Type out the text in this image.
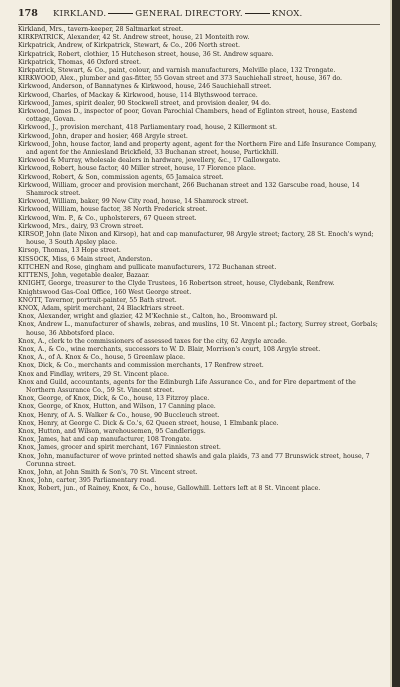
178 KIRKLAND.	GENERAL DIRECTORY.	KNOX.

Kirkland, Mrs., tavern-keeper, 28 Saltmarket street.

KIRKPATRICK, Alexander, 42 St. Andrew street, house, 21 Monteith row.

Kirkpatrick, Andrew, of Kirkpatrick, Stewart, & Co., 206 North street.

Kirkpatrick, Robert, clothier, 15 Hutcheson street, house, 36 St. Andrew square.

Kirkpatrick, Thomas, 46 Oxford street.

Kirkpatrick, Stewart, & Co., paint, colour, and varnish manufacturers, Melville place, 132 Trongate.

KIRKWOOD, Alex., plumber and gas-fitter, 55 Govan street and 373 Sauchiehall street, house, 367 do.

Kirkwood, Anderson, of Bannatynes & Kirkwood, house, 246 Sauchiehall street.

Kirkwood, Charles, of Mackay & Kirkwood, house, 114 Blythswood terrace.

Kirkwood, James, spirit dealer, 90 Stockwell street, and provision dealer, 94 do.

Kirkwood, James D., inspector of poor, Govan Parochial Chambers, head of Eglinton street, house, Eastend cottage, Govan.

Kirkwood, J., provision merchant, 418 Parliamentary road, house, 2 Killermont st.

Kirkwood, John, draper and hosier, 468 Argyle street.

Kirkwood, John, house factor, land and property agent, agent for the Northern Fire and Life Insurance Company, and agent for the Anniesland Brickfield, 33 Buchanan street, house, Partickhill.

Kirkwood & Murray, wholesale dealers in hardware, jewellery, &c., 17 Gallowgate.

Kirkwood, Robert, house factor, 40 Miller street, house, 17 Florence place.

Kirkwood, Robert, & Son, commission agents, 65 Jamaica street.

Kirkwood, William, grocer and provision merchant, 266 Buchanan street and 132 Garscube road, house, 14 Shamrock street.

Kirkwood, William, baker, 99 New City road, house, 14 Shamrock street.

Kirkwood, William, house factor, 38 North Frederick street.

Kirkwood, Wm. P., & Co., upholsterers, 67 Queen street.

Kirkwood, Mrs., dairy, 93 Crown street.

KIRSOP, John (late Nixon and Kirsop), hat and cap manufacturer, 98 Argyle street; factory, 28 St. Enoch's wynd; house, 3 South Apsley place.

Kirsop, Thomas, 13 Hope street.

KISSOCK, Miss, 6 Main street, Anderston.

KITCHEN and Rose, gingham and pullicate manufacturers, 172 Buchanan street.

KITTENS, John, vegetable dealer, Bazaar.

KNIGHT, George, treasurer to the Clyde Trustees, 16 Robertson street, house, Clydebank, Renfrew.

Knightswood Gas-Coal Office, 160 West George street.

KNOTT, Tavernor, portrait-painter, 55 Bath street.

KNOX, Adam, spirit merchant, 24 Blackfriars street.

Knox, Alexander, wright and glazier, 42 M'Kechnie st., Calton, ho., Broomward pl.

Knox, Andrew L., manufacturer of shawls, zebras, and muslins, 10 St. Vincent pl.; factory, Surrey street, Gorbals; house, 36 Abbotsford place.

Knox, A., clerk to the commissioners of assessed taxes for the city, 62 Argyle arcade.

Knox, A., & Co., wine merchants, successors to W. D. Blair, Morrison's court, 108 Argyle street.

Knox, A., of A. Knox & Co., house, 5 Greenlaw place.

Knox, Dick, & Co., merchants and commission merchants, 17 Renfrew street.

Knox and Findlay, writers, 29 St. Vincent place.

Knox and Guild, accountants, agents for the Edinburgh Life Assurance Co., and for Fire department of the Northern Assurance Co., 59 St. Vincent street.

Knox, George, of Knox, Dick, & Co., house, 13 Fitzroy place.

Knox, George, of Knox, Hutton, and Wilson, 17 Canning place.

Knox, Henry, of A. S. Walker & Co., house, 90 Buccleuch street.

Knox, Henry, at George C. Dick & Co.'s, 62 Queen street, house, 1 Elmbank place.

Knox, Hutton, and Wilson, warehousemen, 95 Candleriggs.

Knox, James, hat and cap manufacturer, 108 Trongate.

Knox, James, grocer and spirit merchant, 167 Finnieston street.

Knox, John, manufacturer of wove printed netted shawls and gala plaids, 73 and 77 Brunswick street, house, 7 Corunna street.

Knox, John, at John Smith & Son's, 70 St. Vincent street.

Knox, John, carter, 395 Parliamentary road.

Knox, Robert, jun., of Rainey, Knox, & Co., house, Gallowhill. Letters left at 8 St. Vincent place.
